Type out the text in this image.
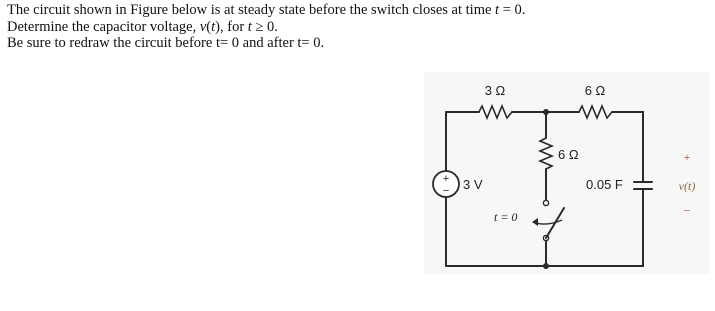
The circuit shown in Figure below is at steady state before the switch closes at time t = 0.
Determine the capacitor voltage, v(t), for t ≥ 0.
Be sure to redraw the circuit before t= 0 and after t= 0.
+
−
3 Ω	6 Ω
6 Ω
3 V	0.05 F
t = 0
+
v(t)
–
